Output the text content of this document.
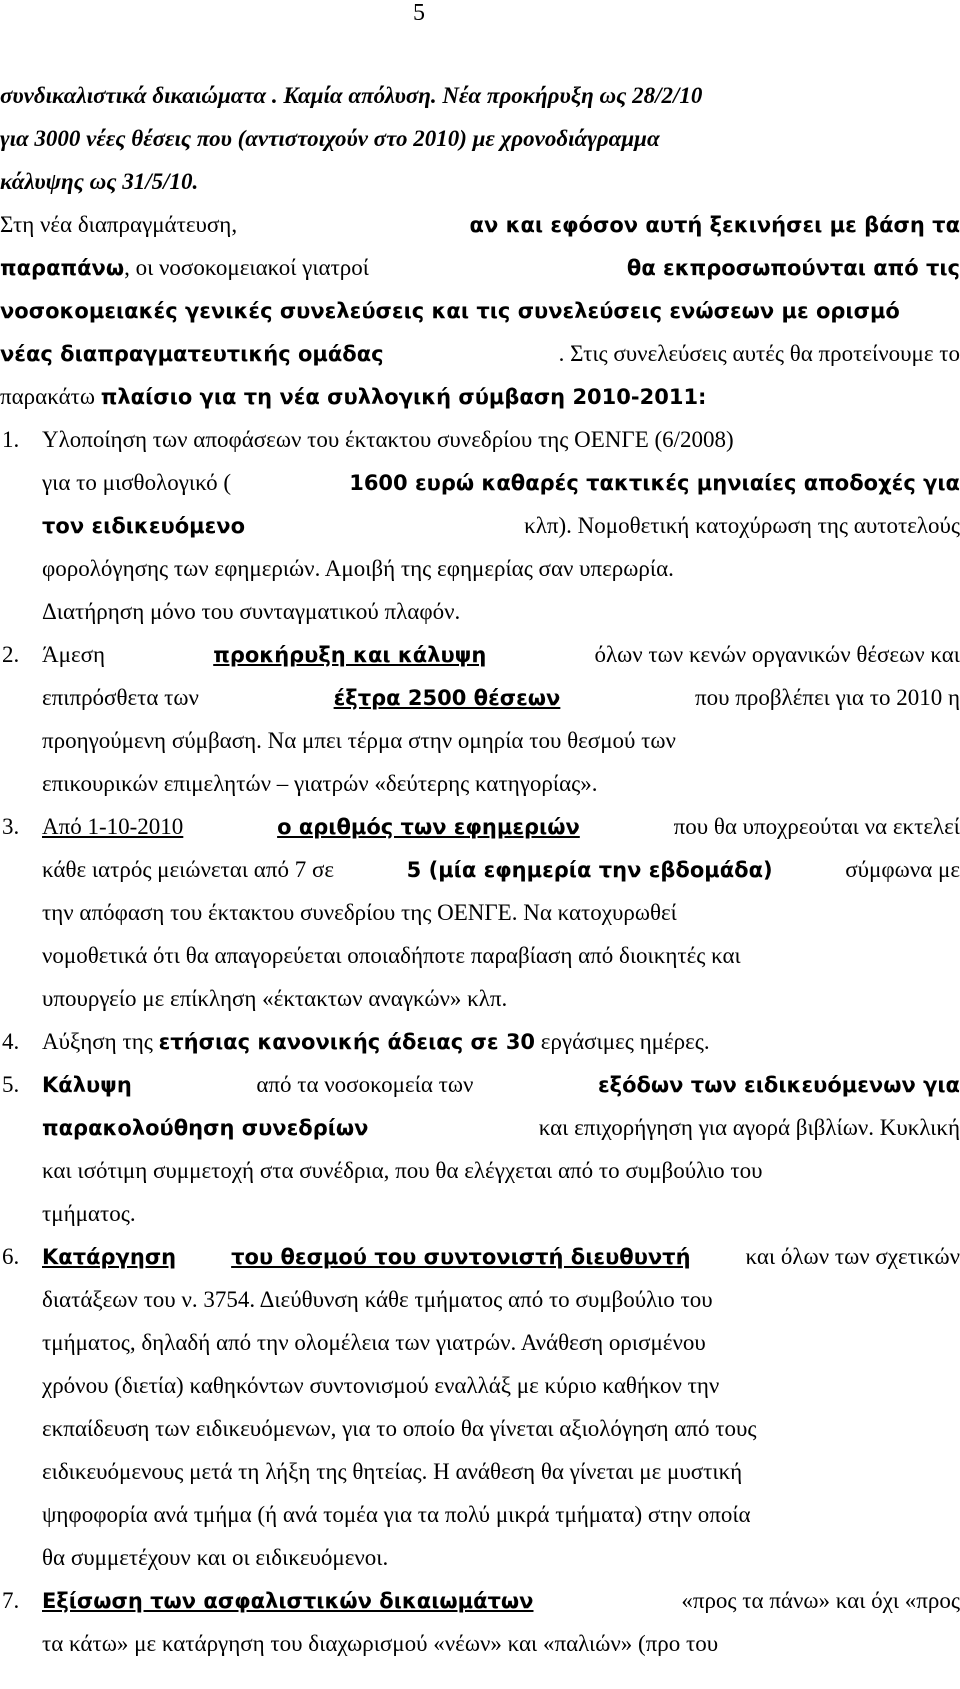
5
συνδικαλιστικά δικαιώματα . Καμία απόλυση. Νέα προκήρυξη ως 28/2/10
για 3000 νέες θέσεις που (αντιστοιχούν στο 2010) με χρονοδιάγραμμα
κάλυψης ως 31/5/10.
Στη νέα διαπραγμάτευση,	αν και εφόσον αυτή ξεκινήσει με βάση τα
παραπάνω, οι νοσοκομειακοί γιατροί	θα εκπροσωπούνται από τις
νοσοκομειακές γενικές συνελεύσεις και τις συνελεύσεις ενώσεων με ορισμό
νέας διαπραγματευτικής ομάδας	. Στις συνελεύσεις αυτές θα προτείνουμε το
παρακάτω πλαίσιο για τη νέα συλλογική σύμβαση 2010-2011:
1. Υλοποίηση των αποφάσεων του έκτακτου συνεδρίου της ΟΕΝΓΕ (6/2008)
για το μισθολογικό (	1600 ευρώ καθαρές τακτικές μηνιαίες αποδοχές για
τον ειδικευόμενο	κλπ). Νομοθετική κατοχύρωση της αυτοτελούς
φορολόγησης των εφημεριών. Αμοιβή της εφημερίας σαν υπερωρία.
Διατήρηση μόνο του συνταγματικού πλαφόν.
2. Άμεση	προκήρυξη και κάλυψη	όλων των κενών οργανικών θέσεων και
επιπρόσθετα των	έξτρα 2500 θέσεων	που προβλέπει για το 2010 η
προηγούμενη σύμβαση. Να μπει τέρμα στην ομηρία του θεσμού των
επικουρικών επιμελητών – γιατρών «δεύτερης κατηγορίας».
3. Από 1-10-2010	ο αριθμός των εφημεριών	που θα υποχρεούται να εκτελεί
κάθε ιατρός μειώνεται από 7 σε	5 (μία εφημερία την εβδομάδα)	σύμφωνα με
την απόφαση του έκτακτου συνεδρίου της ΟΕΝΓΕ. Να κατοχυρωθεί
νομοθετικά ότι θα απαγορεύεται οποιαδήποτε παραβίαση από διοικητές και
υπουργείο με επίκληση «έκτακτων αναγκών» κλπ.
4. Αύξηση της ετήσιας κανονικής άδειας σε 30 εργάσιμες ημέρες.
5. Κάλυψη	από τα νοσοκομεία των	εξόδων των ειδικευόμενων για
παρακολούθηση συνεδρίων	και επιχορήγηση για αγορά βιβλίων. Κυκλική
και ισότιμη συμμετοχή στα συνέδρια, που θα ελέγχεται από το συμβούλιο του
τμήματος.
6. Κατάργηση	του θεσμού του συντονιστή διευθυντή και όλων των σχετικών
διατάξεων του ν. 3754. Διεύθυνση κάθε τμήματος από το συμβούλιο του
τμήματος, δηλαδή από την ολομέλεια των γιατρών. Ανάθεση ορισμένου
χρόνου (διετία) καθηκόντων συντονισμού εναλλάξ με κύριο καθήκον την
εκπαίδευση των ειδικευόμενων, για το οποίο θα γίνεται αξιολόγηση από τους
ειδικευόμενους μετά τη λήξη της θητείας. Η ανάθεση θα γίνεται με μυστική
ψηφοφορία ανά τμήμα (ή ανά τομέα για τα πολύ μικρά τμήματα) στην οποία
θα συμμετέχουν και οι ειδικευόμενοι.
7. Εξίσωση των ασφαλιστικών δικαιωμάτων	«προς τα πάνω» και όχι «προς
τα κάτω» με κατάργηση του διαχωρισμού «νέων» και «παλιών» (προ του
